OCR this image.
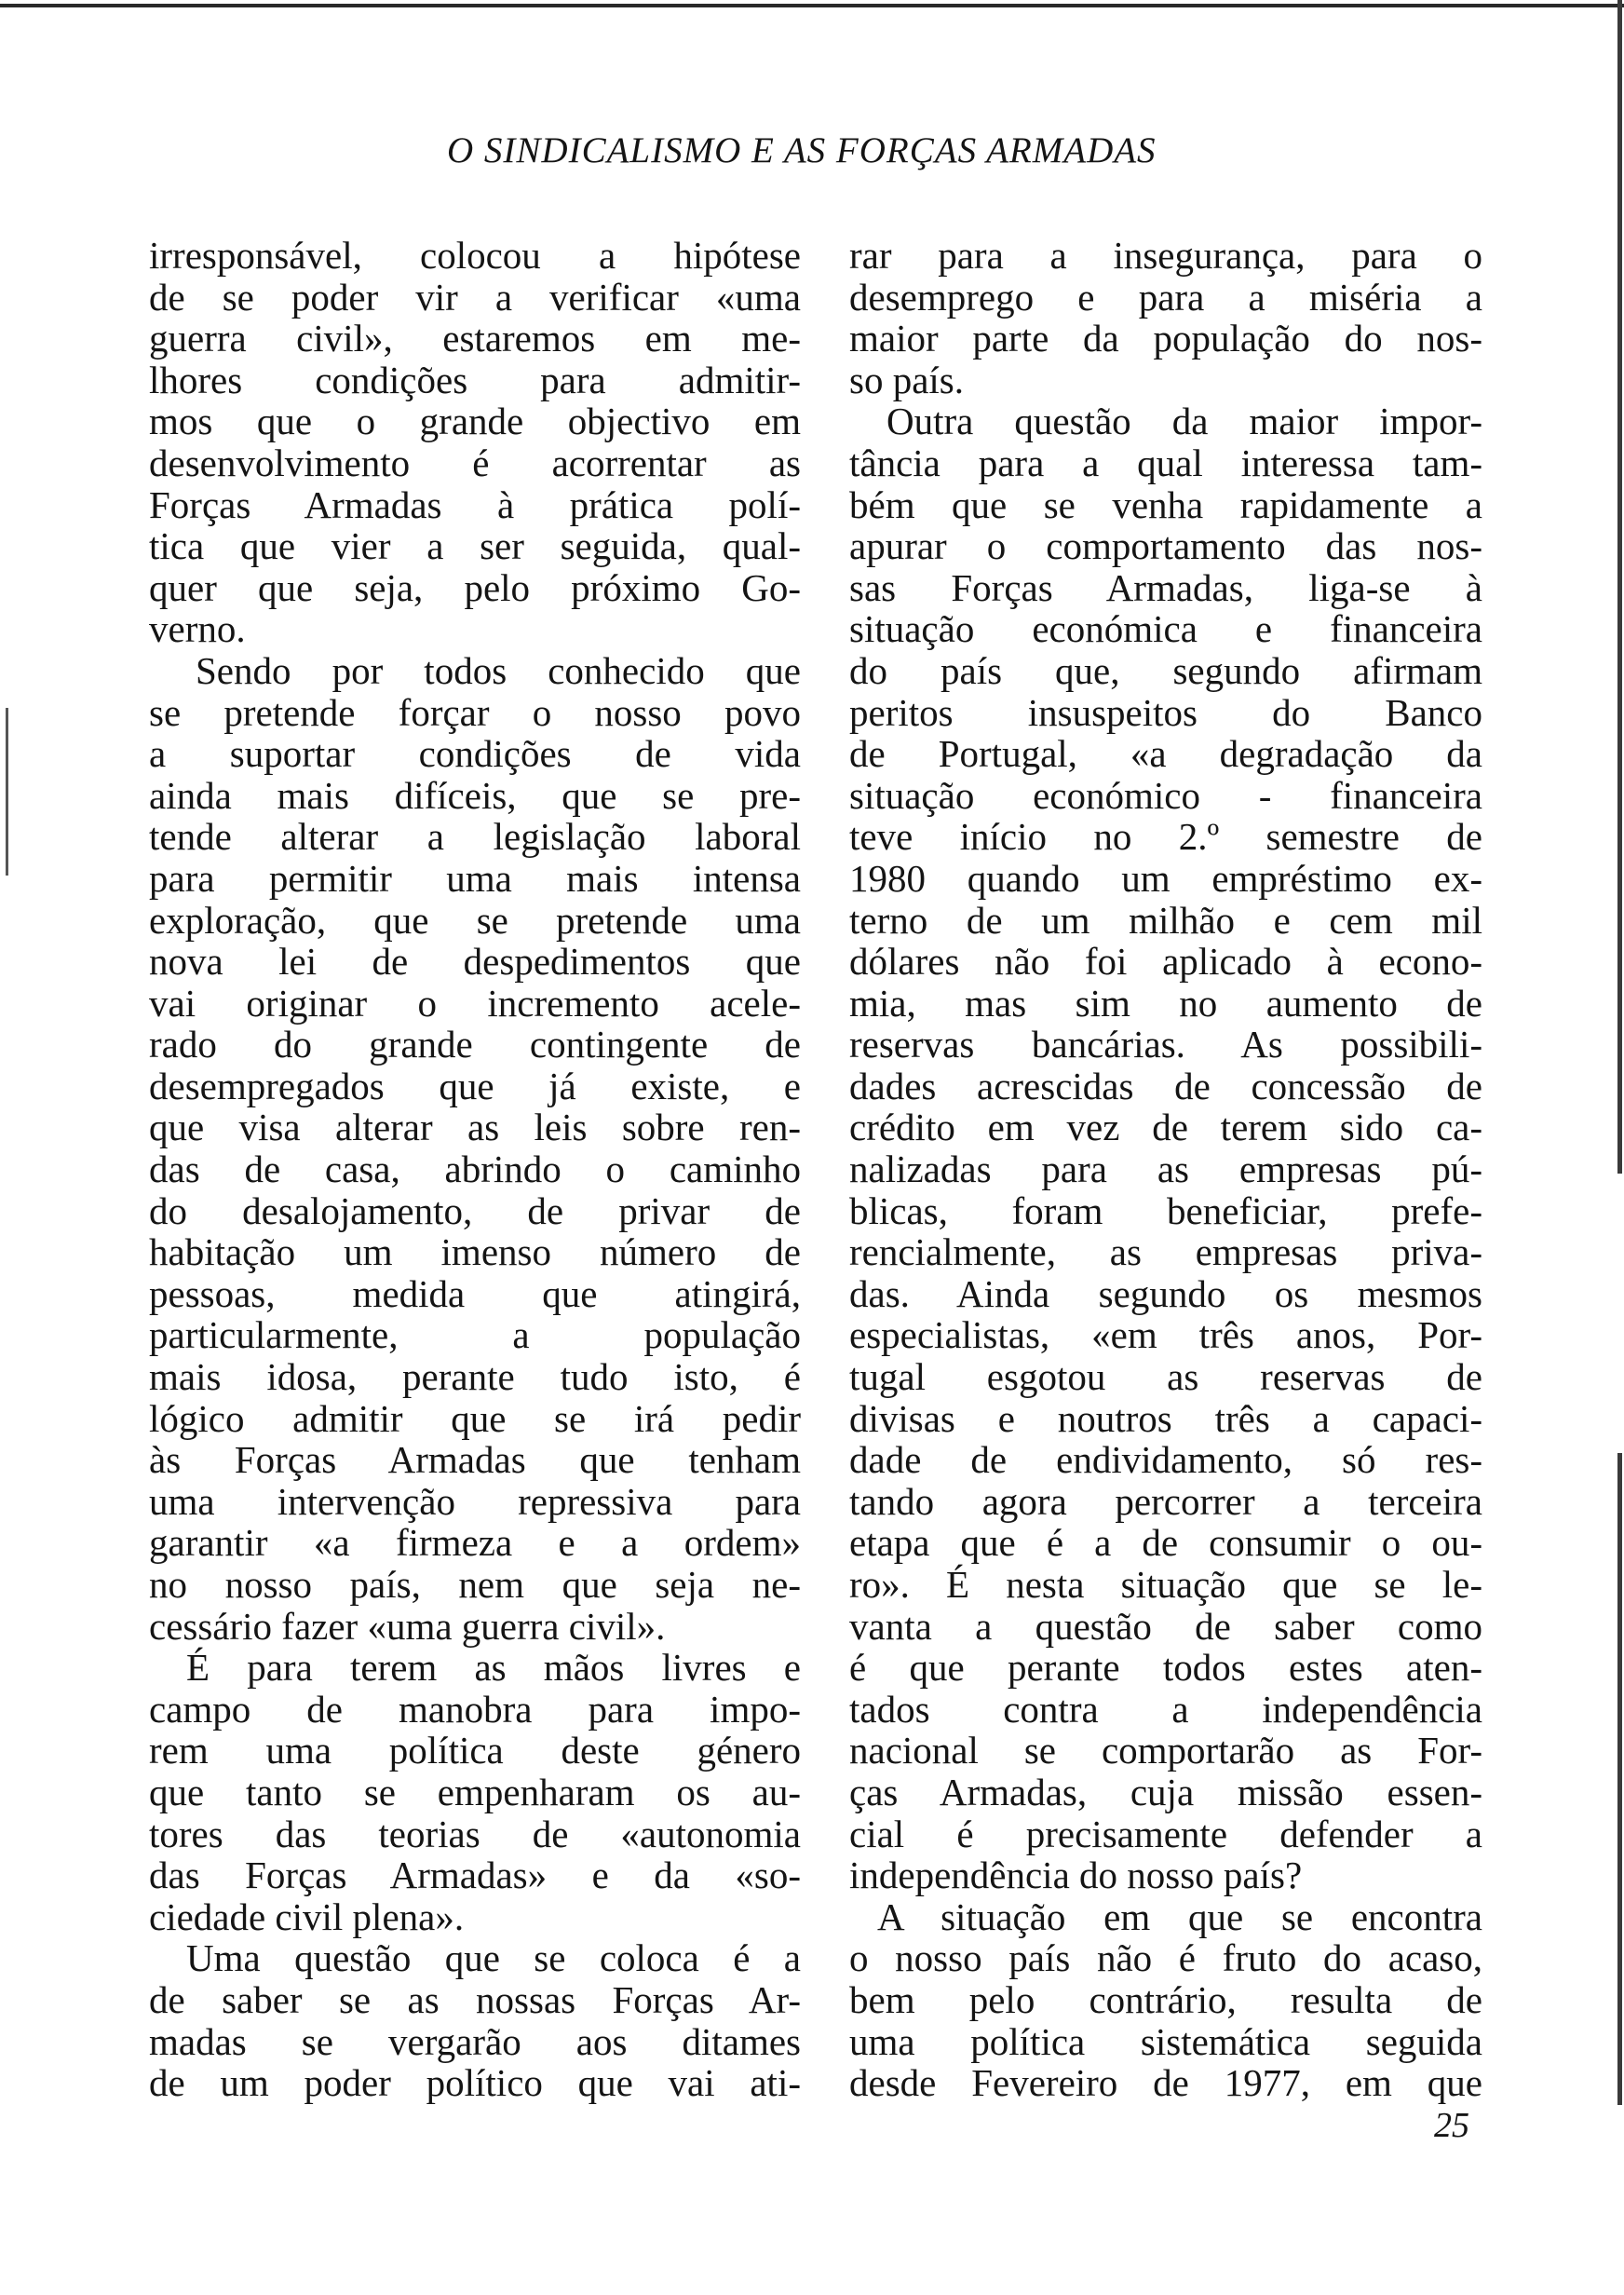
O SINDICALISMO E AS FORÇAS ARMADAS
irresponsável, colocou a hipótese
de se poder vir a verificar «uma
guerra civil», estaremos em me-
lhores condições para admitir-
mos que o grande objectivo em
desenvolvimento é acorrentar as
Forças Armadas à prática polí-
tica que vier a ser seguida, qual-
quer que seja, pelo próximo Go-
verno.
Sendo por todos conhecido que
se pretende forçar o nosso povo
a suportar condições de vida
ainda mais difíceis, que se pre-
tende alterar a legislação laboral
para permitir uma mais intensa
exploração, que se pretende uma
nova lei de despedimentos que
vai originar o incremento acele-
rado do grande contingente de
desempregados que já existe, e
que visa alterar as leis sobre ren-
das de casa, abrindo o caminho
do desalojamento, de privar de
habitação um imenso número de
pessoas, medida que atingirá,
particularmente, a população
mais idosa, perante tudo isto, é
lógico admitir que se irá pedir
às Forças Armadas que tenham
uma intervenção repressiva para
garantir «a firmeza e a ordem»
no nosso país, nem que seja ne-
cessário fazer «uma guerra civil».
É para terem as mãos livres e
campo de manobra para impo-
rem uma política deste género
que tanto se empenharam os au-
tores das teorias de «autonomia
das Forças Armadas» e da «so-
ciedade civil plena».
Uma questão que se coloca é a
de saber se as nossas Forças Ar-
madas se vergarão aos ditames
de um poder político que vai ati-
rar para a insegurança, para o
desemprego e para a miséria a
maior parte da população do nos-
so país.
Outra questão da maior impor-
tância para a qual interessa tam-
bém que se venha rapidamente a
apurar o comportamento das nos-
sas Forças Armadas, liga-se à
situação económica e financeira
do país que, segundo afirmam
peritos insuspeitos do Banco
de Portugal, «a degradação da
situação económico - financeira
teve início no 2.º semestre de
1980 quando um empréstimo ex-
terno de um milhão e cem mil
dólares não foi aplicado à econo-
mia, mas sim no aumento de
reservas bancárias. As possibili-
dades acrescidas de concessão de
crédito em vez de terem sido ca-
nalizadas para as empresas pú-
blicas, foram beneficiar, prefe-
rencialmente, as empresas priva-
das. Ainda segundo os mesmos
especialistas, «em três anos, Por-
tugal esgotou as reservas de
divisas e noutros três a capaci-
dade de endividamento, só res-
tando agora percorrer a terceira
etapa que é a de consumir o ou-
ro». É nesta situação que se le-
vanta a questão de saber como
é que perante todos estes aten-
tados contra a independência
nacional se comportarão as For-
ças Armadas, cuja missão essen-
cial é precisamente defender a
independência do nosso país?
A situação em que se encontra
o nosso país não é fruto do acaso,
bem pelo contrário, resulta de
uma política sistemática seguida
desde Fevereiro de 1977, em que
25
